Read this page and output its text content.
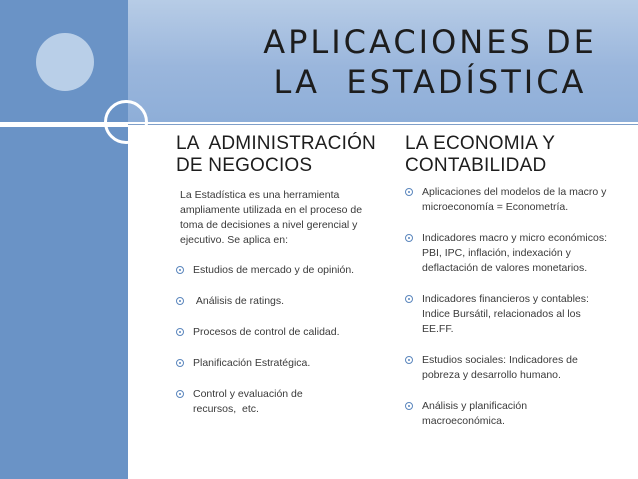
APLICACIONES DE
LA  ESTADÍSTICA
LA  ADMINISTRACIÓN
DE NEGOCIOS
La Estadística es una herramienta ampliamente utilizada en el proceso de toma de decisiones a nivel gerencial y ejecutivo. Se aplica en:
Estudios de mercado y de opinión.
Análisis de ratings.
Procesos de control de calidad.
Planificación Estratégica.
Control y evaluación de recursos,  etc.
LA ECONOMIA Y
CONTABILIDAD
Aplicaciones del modelos de la macro y microeconomía = Econometría.
Indicadores macro y micro económicos: PBI, IPC, inflación, indexación y deflactación de valores monetarios.
Indicadores financieros y contables: Indice Bursátil, relacionados al los EE.FF.
Estudios sociales: Indicadores de pobreza y desarrollo humano.
Análisis y planificación macroeconómica.
